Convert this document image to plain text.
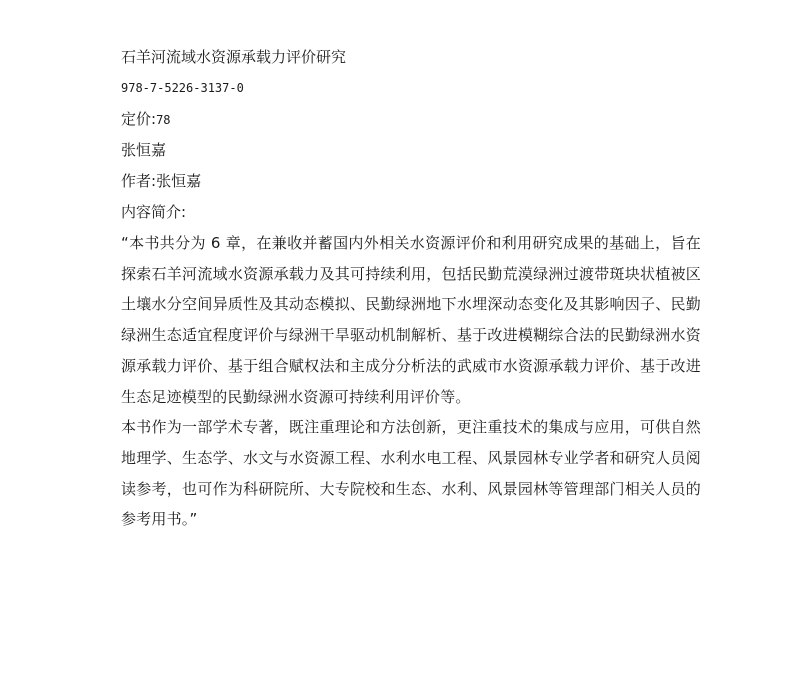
石羊河流域水资源承载力评价研究
978-7-5226-3137-0
定价:78
张恒嘉
作者:张恒嘉
内容简介:

“本书共分为 6 章，在兼收并蓄国内外相关水资源评价和利用研究成果的基础上，旨在探索石羊河流域水资源承载力及其可持续利用，包括民勤荒漠绿洲过渡带斑块状植被区土壤水分空间异质性及其动态模拟、民勤绿洲地下水埋深动态变化及其影响因子、民勤绿洲生态适宜程度评价与绿洲干旱驱动机制解析、基于改进模糊综合法的民勤绿洲水资源承载力评价、基于组合赋权法和主成分分析法的武威市水资源承载力评价、基于改进生态足迹模型的民勤绿洲水资源可持续利用评价等。

本书作为一部学术专著，既注重理论和方法创新，更注重技术的集成与应用，可供自然地理学、生态学、水文与水资源工程、水利水电工程、风景园林专业学者和研究人员阅读参考，也可作为科研院所、大专院校和生态、水利、风景园林等管理部门相关人员的参考用书。”
